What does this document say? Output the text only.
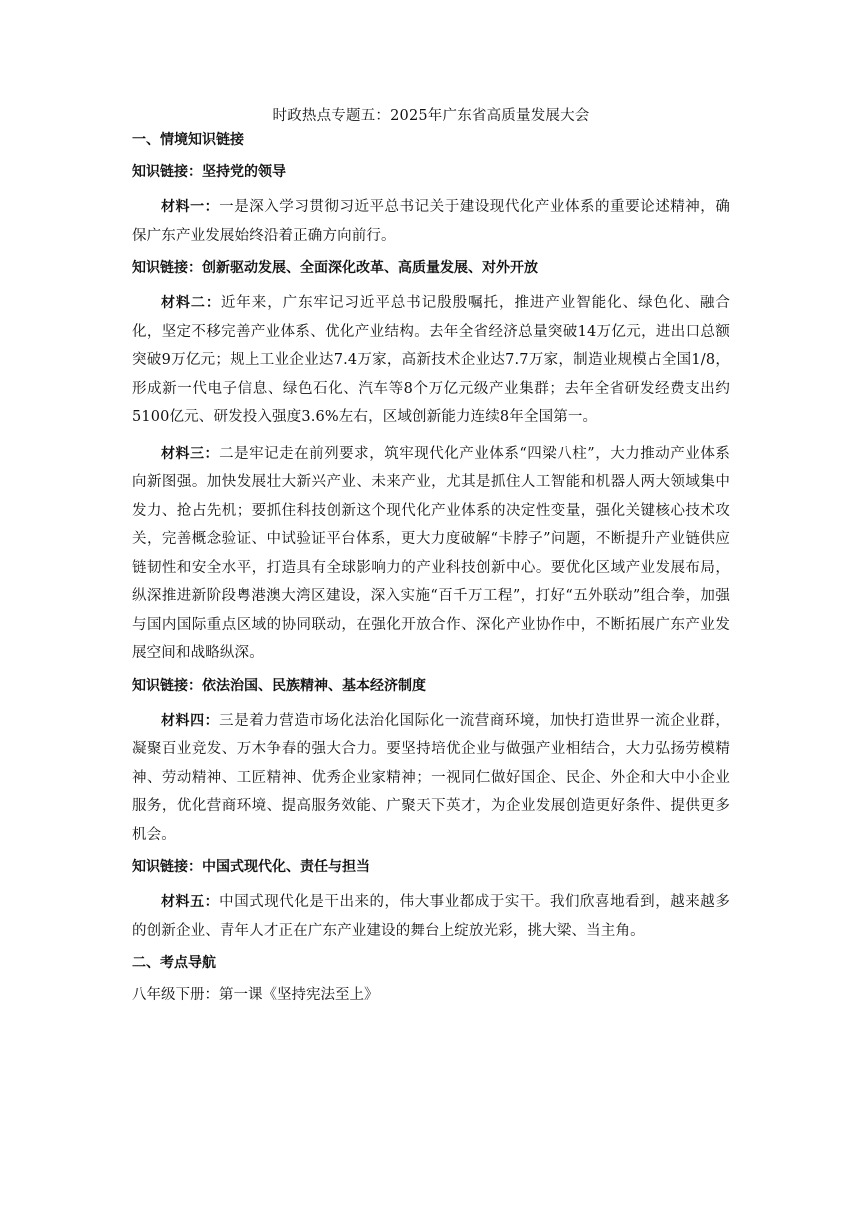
时政热点专题五：2025年广东省高质量发展大会
一、情境知识链接
知识链接：坚持党的领导

材料一：一是深入学习贯彻习近平总书记关于建设现代化产业体系的重要论述精神，确保广东产业发展始终沿着正确方向前行。

知识链接：创新驱动发展、全面深化改革、高质量发展、对外开放

材料二：近年来，广东牢记习近平总书记殷殷嘱托，推进产业智能化、绿色化、融合化，坚定不移完善产业体系、优化产业结构。去年全省经济总量突破14万亿元，进出口总额突破9万亿元；规上工业企业达7.4万家，高新技术企业达7.7万家，制造业规模占全国1/8，形成新一代电子信息、绿色石化、汽车等8个万亿元级产业集群；去年全省研发经费支出约5100亿元、研发投入强度3.6%左右，区域创新能力连续8年全国第一。

材料三：二是牢记走在前列要求，筑牢现代化产业体系“四梁八柱”，大力推动产业体系向新图强。加快发展壮大新兴产业、未来产业，尤其是抓住人工智能和机器人两大领域集中发力、抢占先机；要抓住科技创新这个现代化产业体系的决定性变量，强化关键核心技术攻关，完善概念验证、中试验证平台体系，更大力度破解“卡脖子”问题，不断提升产业链供应链韧性和安全水平，打造具有全球影响力的产业科技创新中心。要优化区域产业发展布局，纵深推进新阶段粤港澳大湾区建设，深入实施“百千万工程”，打好“五外联动”组合拳，加强与国内国际重点区域的协同联动，在强化开放合作、深化产业协作中，不断拓展广东产业发展空间和战略纵深。

知识链接：依法治国、民族精神、基本经济制度

材料四：三是着力营造市场化法治化国际化一流营商环境，加快打造世界一流企业群，凝聚百业竞发、万木争春的强大合力。要坚持培优企业与做强产业相结合，大力弘扬劳模精神、劳动精神、工匠精神、优秀企业家精神；一视同仁做好国企、民企、外企和大中小企业服务，优化营商环境、提高服务效能、广聚天下英才，为企业发展创造更好条件、提供更多机会。

知识链接：中国式现代化、责任与担当

材料五：中国式现代化是干出来的，伟大事业都成于实干。我们欣喜地看到，越来越多的创新企业、青年人才正在广东产业建设的舞台上绽放光彩，挑大梁、当主角。

二、考点导航

八年级下册：第一课《坚持宪法至上》
